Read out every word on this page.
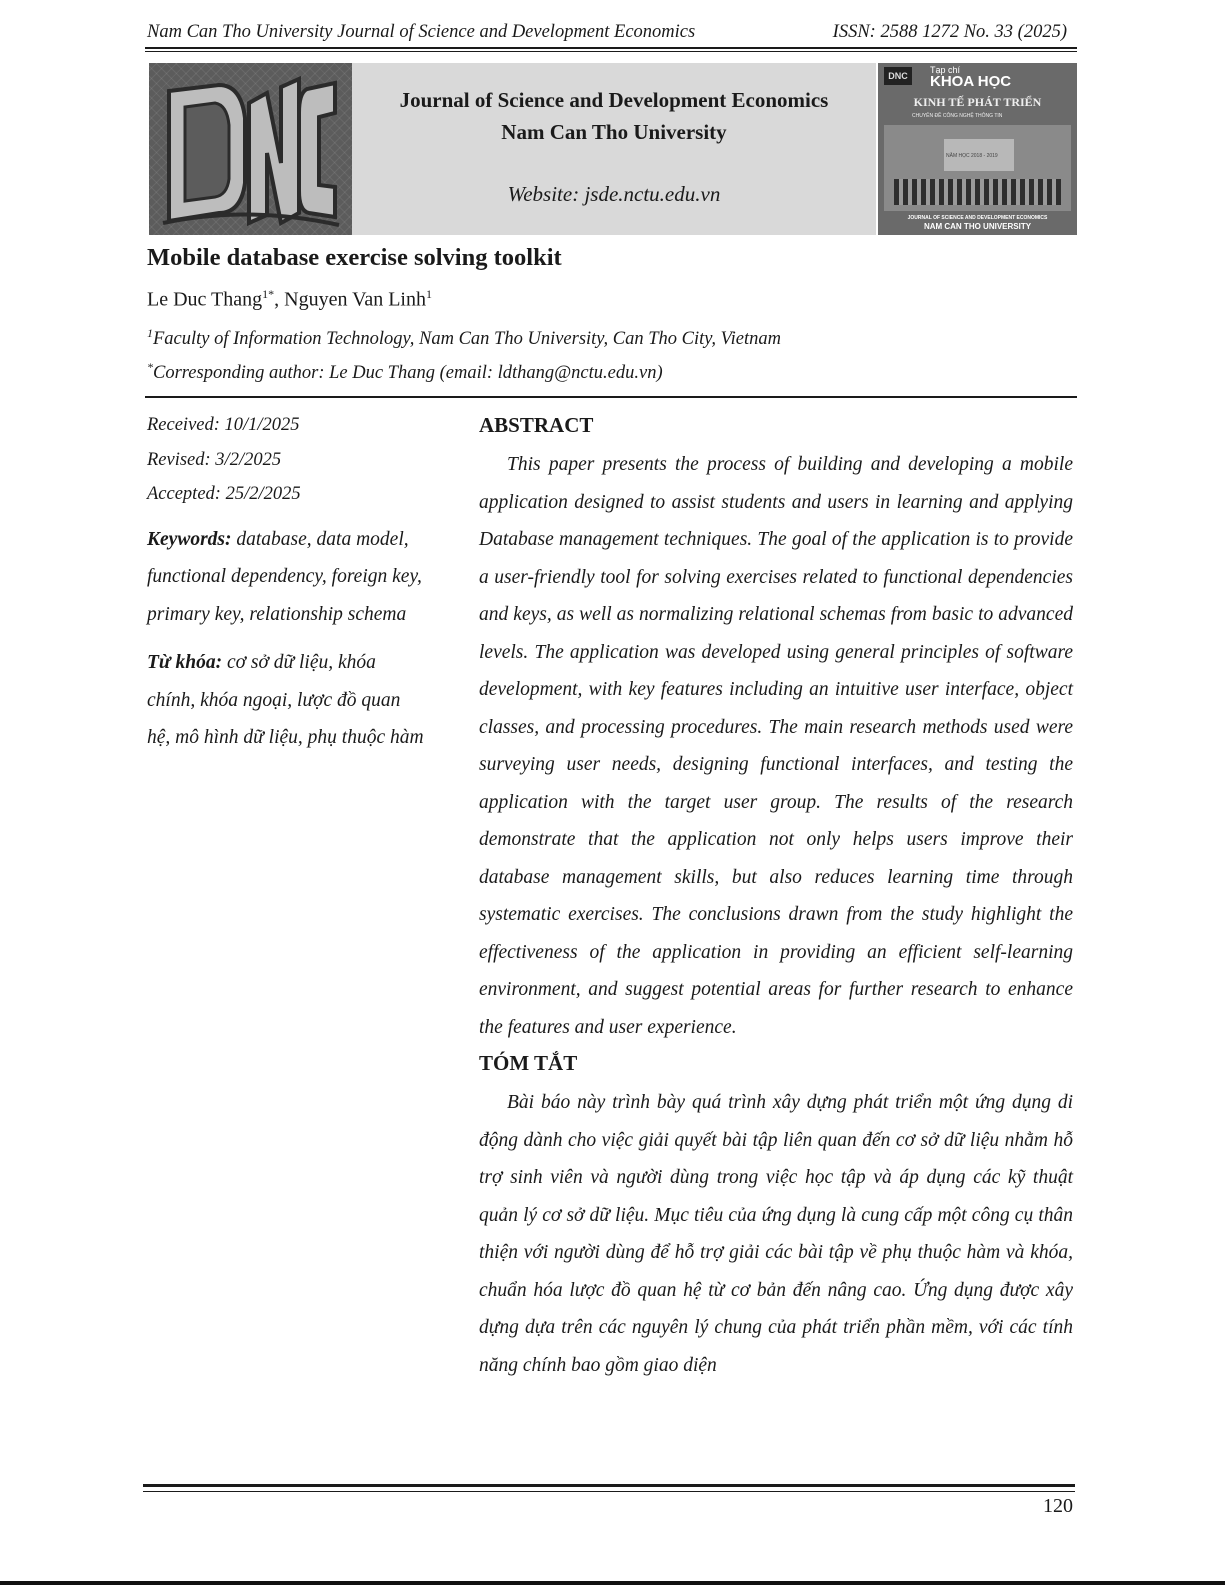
Nam Can Tho University Journal of Science and Development Economics	ISSN: 2588 1272 No. 33 (2025)
Journal of Science and Development Economics
Nam Can Tho University
Website: jsde.nctu.edu.vn
DNC
Tạp chí
KHOA HỌC
KINH TẾ PHÁT TRIỂN
CHUYÊN ĐỀ CÔNG NGHỆ THÔNG TIN
NĂM HỌC 2018 - 2019
JOURNAL OF SCIENCE AND DEVELOPMENT ECONOMICS
NAM CAN THO UNIVERSITY
Mobile database exercise solving toolkit
Le Duc Thang$^{1*}$, Nguyen Van Linh$^1$
$^1$Faculty of Information Technology, Nam Can Tho University, Can Tho City, Vietnam
*Corresponding author: Le Duc Thang (email: ldthang@nctu.edu.vn)
Received: 10/1/2025
Revised: 3/2/2025
Accepted: 25/2/2025
Keywords: database, data model, functional dependency, foreign key, primary key, relationship schema
Từ khóa: cơ sở dữ liệu, khóa chính, khóa ngoại, lược đồ quan hệ, mô hình dữ liệu, phụ thuộc hàm
ABSTRACT

This paper presents the process of building and developing a mobile application designed to assist students and users in learning and applying Database management techniques. The goal of the application is to provide a user-friendly tool for solving exercises related to functional dependencies and keys, as well as normalizing relational schemas from basic to advanced levels. The application was developed using general principles of software development, with key features including an intuitive user interface, object classes, and processing procedures. The main research methods used were surveying user needs, designing functional interfaces, and testing the application with the target user group. The results of the research demonstrate that the application not only helps users improve their database management skills, but also reduces learning time through systematic exercises. The conclusions drawn from the study highlight the effectiveness of the application in providing an efficient self-learning environment, and suggest potential areas for further research to enhance the features and user experience.

TÓM TẮT

Bài báo này trình bày quá trình xây dựng phát triển một ứng dụng di động dành cho việc giải quyết bài tập liên quan đến cơ sở dữ liệu nhằm hỗ trợ sinh viên và người dùng trong việc học tập và áp dụng các kỹ thuật quản lý cơ sở dữ liệu. Mục tiêu của ứng dụng là cung cấp một công cụ thân thiện với người dùng để hỗ trợ giải các bài tập về phụ thuộc hàm và khóa, chuẩn hóa lược đồ quan hệ từ cơ bản đến nâng cao. Ứng dụng được xây dựng dựa trên các nguyên lý chung của phát triển phần mềm, với các tính năng chính bao gồm giao diện

120
